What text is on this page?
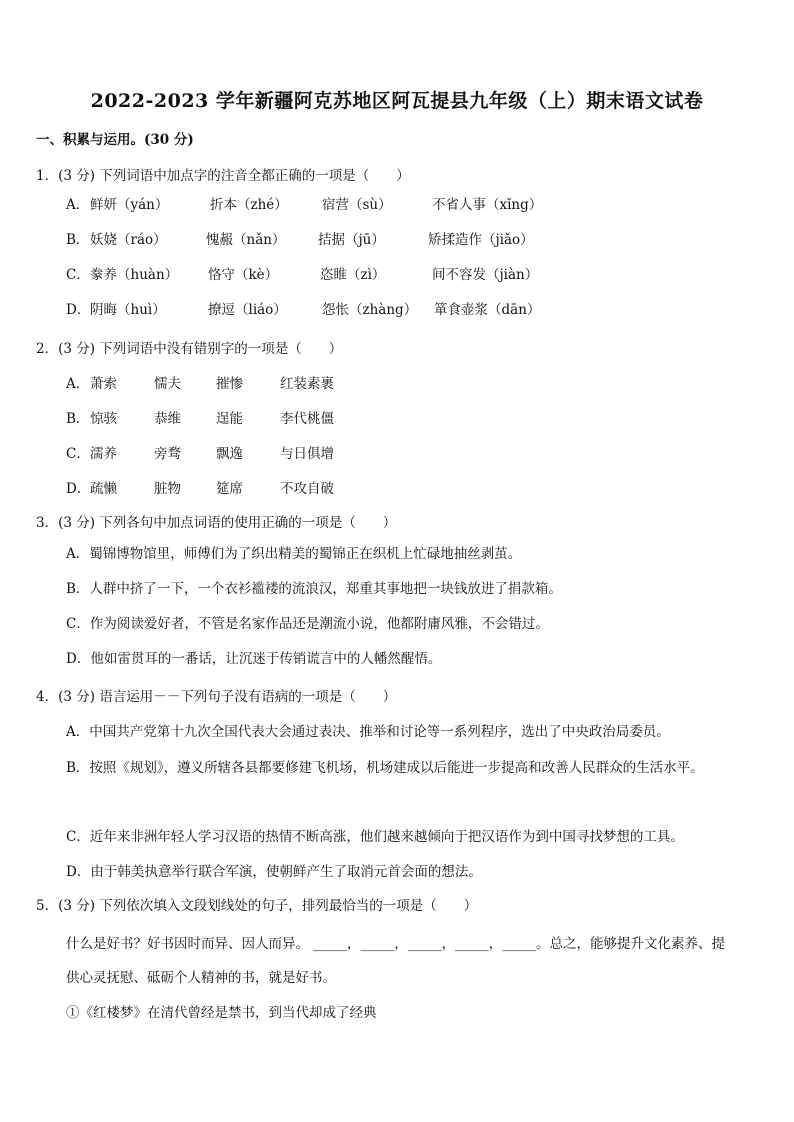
2022-2023 学年新疆阿克苏地区阿瓦提县九年级（上）期末语文试卷
一、积累与运用。(30 分)
1．(3 分) 下列词语中加点字的注音全都正确的一项是（　　）
A． 鲜妍（yán）	折本（zhé）	宿营（sù）	不省人事（xǐng）
B． 妖娆（ráo）	愧赧（nǎn） 拮据（jū）	矫揉造作（jiǎo）
C． 豢养（huàn） 恪守（kè）	恣睢（zì）	间不容发（jiàn）
D． 阴晦（huì）	撩逗（liáo）	怨怅（zhàng） 箪食壶浆（dān）
2．(3 分) 下列词语中没有错别字的一项是（　　）
A． 萧索	懦夫	摧惨	红装素裹
B． 惊骇	恭维	逞能	李代桃僵
C． 濡养	旁骛	飘逸	与日俱增
D． 疏懒	脏物	筵席	不攻自破
3．(3 分) 下列各句中加点词语的使用正确的一项是（　　）
A．蜀锦博物馆里，师傅们为了织出精美的蜀锦正在织机上忙碌地抽丝剥茧。
B．人群中挤了一下，一个衣衫褴褛的流浪汉，郑重其事地把一块钱放进了捐款箱。
C．作为阅读爱好者，不管是名家作品还是潮流小说，他都附庸风雅，不会错过。
D．他如雷贯耳的一番话，让沉迷于传销谎言中的人幡然醒悟。
4．(3 分) 语言运用－－下列句子没有语病的一项是（　　）
A．中国共产党第十九次全国代表大会通过表决、推举和讨论等一系列程序，选出了中央政治局委员。
B．按照《规划》，遵义所辖各县都要修建飞机场，机场建成以后能进一步提高和改善人民群众的生活水平。
C．近年来非洲年轻人学习汉语的热情不断高涨，他们越来越倾向于把汉语作为到中国寻找梦想的工具。
D．由于韩美执意举行联合军演，使朝鲜产生了取消元首会面的想法。
5．(3 分) 下列依次填入文段划线处的句子，排列最恰当的一项是（　　）
什么是好书？好书因时而异、因人而异。 _____，_____，_____，_____，_____。总之，能够提升文化素养、提
供心灵抚慰、砥砺个人精神的书，就是好书。
①《红楼梦》在清代曾经是禁书，到当代却成了经典
